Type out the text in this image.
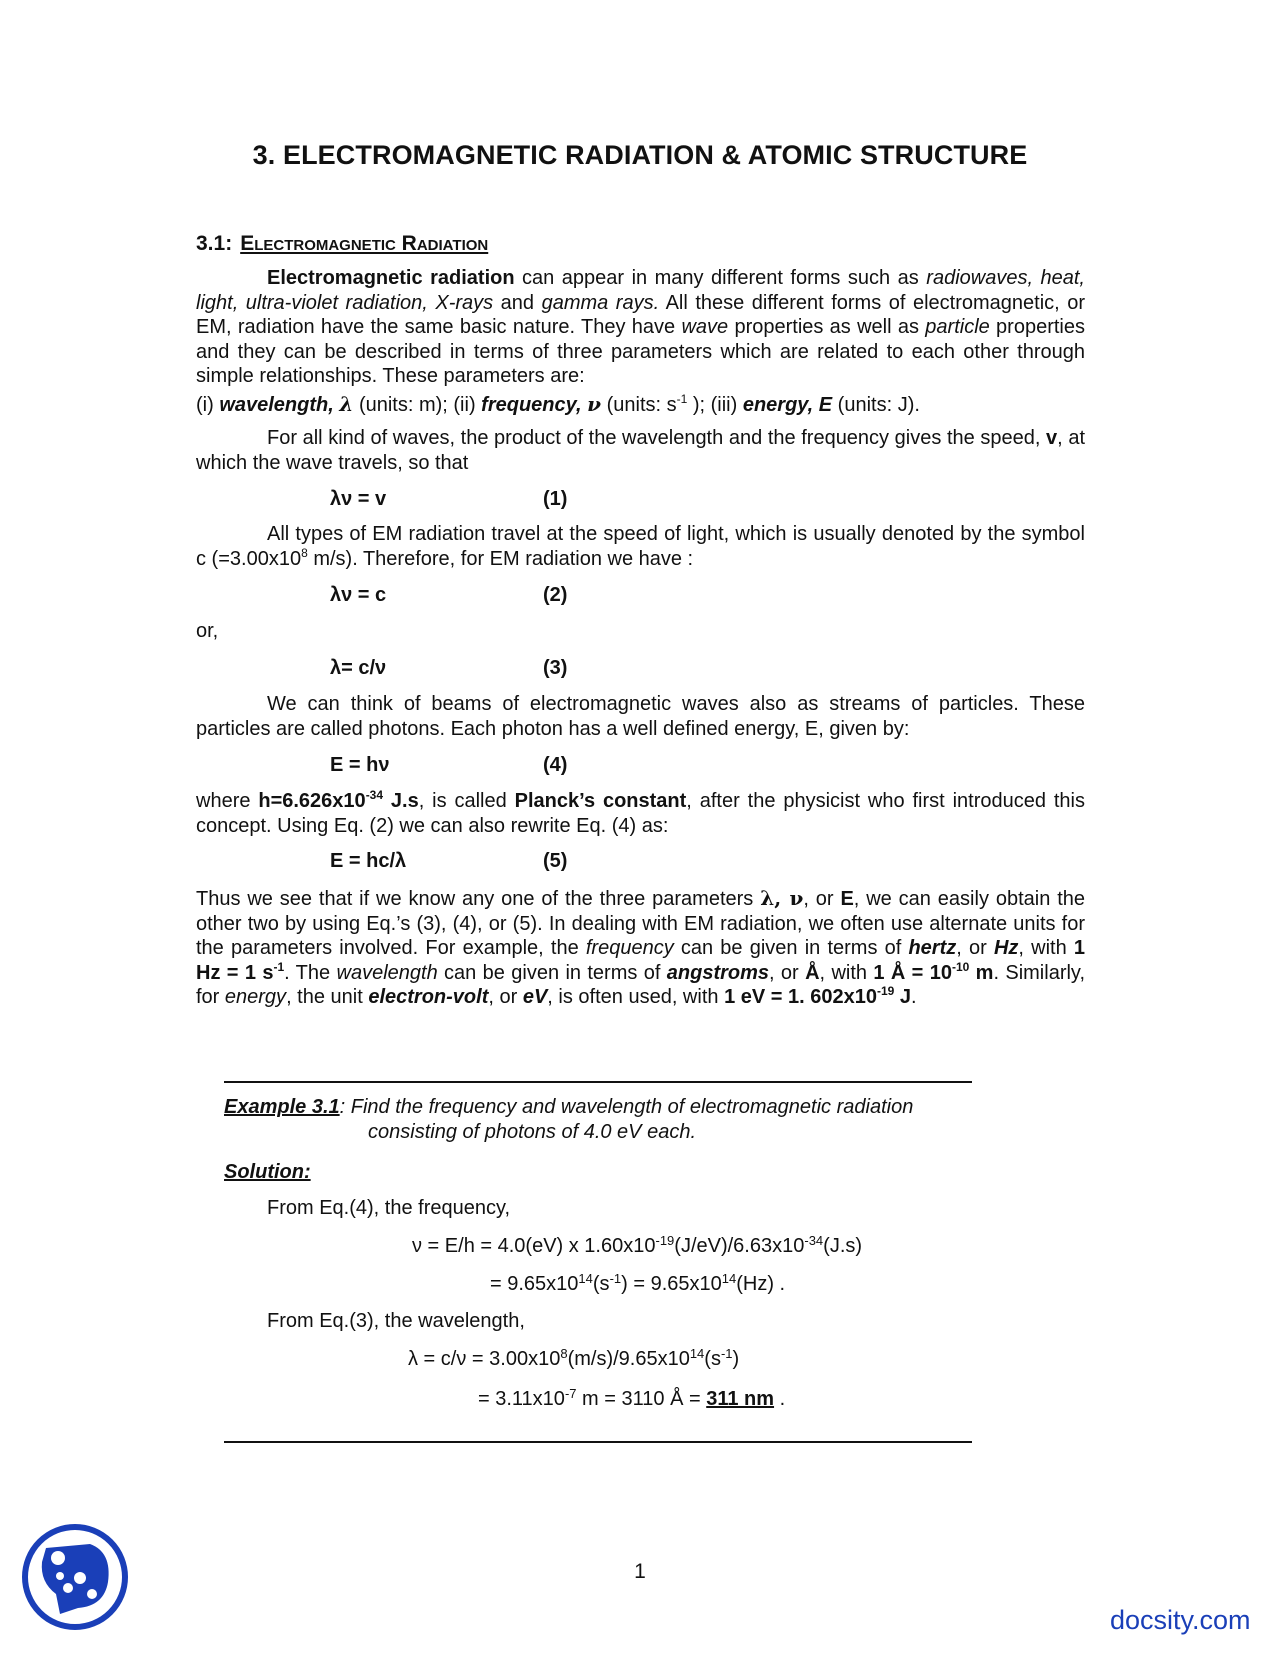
3. ELECTROMAGNETIC RADIATION & ATOMIC STRUCTURE
3.1: Electromagnetic Radiation
Electromagnetic radiation can appear in many different forms such as radiowaves, heat, light, ultra-violet radiation, X-rays and gamma rays. All these different forms of electromagnetic, or EM, radiation have the same basic nature. They have wave properties as well as particle properties and they can be described in terms of three parameters which are related to each other through simple relationships. These parameters are:
(i) wavelength, λ (units: m); (ii) frequency, ν (units: $s^{-1}$ ); (iii) energy, E (units: J).
For all kind of waves, the product of the wavelength and the frequency gives the speed, v, at which the wave travels, so that
λν = v	(1)
All types of EM radiation travel at the speed of light, which is usually denoted by the symbol c ($=3.00x10^8$ m/s). Therefore, for EM radiation we have :
λν = c	(2)
or,
λ= c/ν	(3)
We can think of beams of electromagnetic waves also as streams of particles. These particles are called photons. Each photon has a well defined energy, E, given by:
E = hν	(4)
where $h=6.626x10^{-34}$ J.s, is called Planck’s constant, after the physicist who first introduced this concept. Using Eq. (2) we can also rewrite Eq. (4) as:
E = hc/λ	(5)
Thus we see that if we know any one of the three parameters λ, ν, or E, we can easily obtain the other two by using Eq.’s (3), (4), or (5). In dealing with EM radiation, we often use alternate units for the parameters involved. For example, the frequency can be given in terms of hertz, or Hz, with 1 Hz = 1 $s^{-1}$. The wavelength can be given in terms of angstroms, or Å, with 1 Å = $10^{-10}$ m. Similarly, for energy, the unit electron-volt, or eV, is often used, with 1 eV = 1. $602x10^{-19}$ J.
Example 3.1: Find the frequency and wavelength of electromagnetic radiation
consisting of photons of 4.0 eV each.
Solution:
From Eq.(4), the frequency,
ν = E/h = 4.0(eV) x $1.60x10^{-19}(J/eV)/6.63x10^{-34}(J.s)$
= $9.65x10^{14}(s^{-1}) = 9.65x10^{14}(Hz)$ .
From Eq.(3), the wavelength,
$\lambda = c/\nu = 3.00x10^8(m/s)/9.65x10^{14}(s^{-1})$
= $3.11x10^{-7}$ m = 3110 Å = 311 nm .
1
docsity.com
